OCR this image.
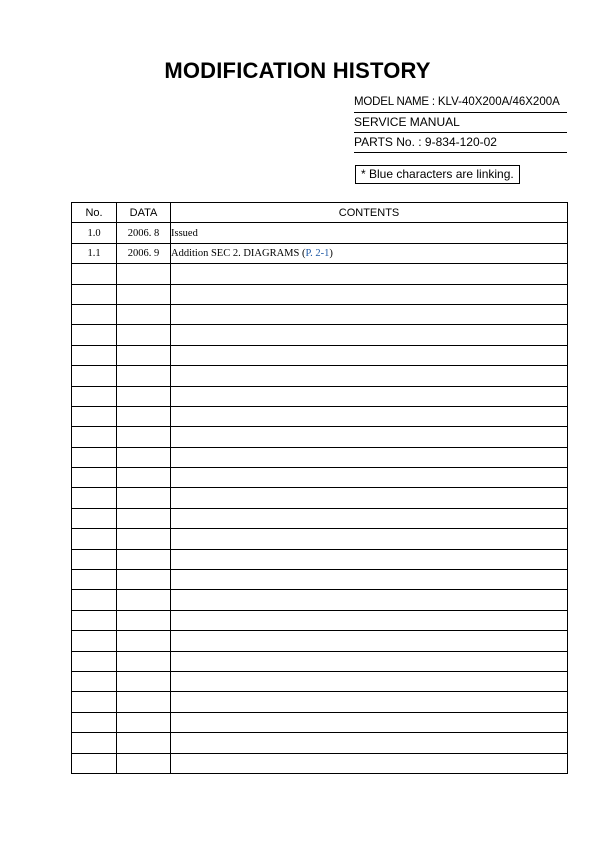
MODIFICATION HISTORY
MODEL NAME : KLV-40X200A/46X200A
SERVICE MANUAL
PARTS No. : 9-834-120-02
* Blue characters are linking.
No.	DATA	CONTENTS
1.0	2006. 8	Issued
1.1	2006. 9	Addition SEC 2. DIAGRAMS (P. 2-1)
